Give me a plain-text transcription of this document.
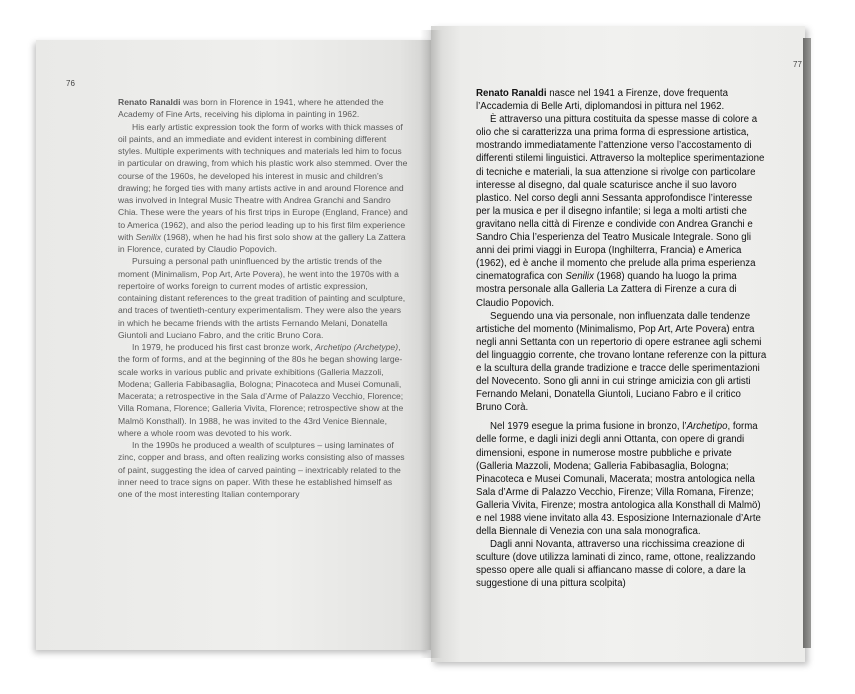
76
77

Renato Ranaldi was born in Florence in 1941, where he attended the Academy of Fine Arts, receiving his diploma in painting in 1962.

His early artistic expression took the form of works with thick masses of oil paints, and an immediate and evident interest in combining different styles. Multiple experiments with techniques and materials led him to focus in particular on drawing, from which his plastic work also stemmed. Over the course of the 1960s, he developed his interest in music and children’s drawing; he forged ties with many artists active in and around Florence and was involved in Integral Music Theatre with Andrea Granchi and Sandro Chia. These were the years of his first trips in Europe (England, France) and to America (1962), and also the period leading up to his first film experience with Senilix (1968), when he had his first solo show at the gallery La Zattera in Florence, curated by Claudio Popovich.

Pursuing a personal path uninfluenced by the artistic trends of the moment (Minimalism, Pop Art, Arte Povera), he went into the 1970s with a repertoire of works foreign to current modes of artistic expression, containing distant references to the great tradition of painting and sculpture, and traces of twentieth-century experimentalism. They were also the years in which he became friends with the artists Fernando Melani, Donatella Giuntoli and Luciano Fabro, and the critic Bruno Cora.

In 1979, he produced his first cast bronze work, Archetipo (Archetype), the form of forms, and at the beginning of the 80s he began showing large-scale works in various public and private exhibitions (Galleria Mazzoli, Modena; Galleria Fabibasaglia, Bologna; Pinacoteca and Musei Comunali, Macerata; a retrospective in the Sala d’Arme of Palazzo Vecchio, Florence; Villa Romana, Florence; Galleria Vivita, Florence; retrospective show at the Malmö Konsthall). In 1988, he was invited to the 43rd Venice Biennale, where a whole room was devoted to his work.

In the 1990s he produced a wealth of sculptures – using laminates of zinc, copper and brass, and often realizing works consisting also of masses of paint, suggesting the idea of carved painting – inextricably related to the inner need to trace signs on paper. With these he established himself as one of the most interesting Italian contemporary

Renato Ranaldi nasce nel 1941 a Firenze, dove frequenta l’Accademia di Belle Arti, diplomandosi in pittura nel 1962.

È attraverso una pittura costituita da spesse masse di colore a olio che si caratterizza una prima forma di espressione artistica, mostrando immediatamente l’attenzione verso l’accostamento di differenti stilemi linguistici. Attraverso la molteplice sperimentazione di tecniche e materiali, la sua attenzione si rivolge con particolare interesse al disegno, dal quale scaturisce anche il suo lavoro plastico. Nel corso degli anni Sessanta approfondisce l’interesse per la musica e per il disegno infantile; si lega a molti artisti che gravitano nella città di Firenze e condivide con Andrea Granchi e Sandro Chia l’esperienza del Teatro Musicale Integrale. Sono gli anni dei primi viaggi in Europa (Inghilterra, Francia) e America (1962), ed è anche il momento che prelude alla prima esperienza cinematografica con Senilix (1968) quando ha luogo la prima mostra personale alla Galleria La Zattera di Firenze a cura di Claudio Popovich.

Seguendo una via personale, non influenzata dalle tendenze artistiche del momento (Minimalismo, Pop Art, Arte Povera) entra negli anni Settanta con un repertorio di opere estranee agli schemi del linguaggio corrente, che trovano lontane referenze con la pittura e la scultura della grande tradizione e tracce delle sperimentazioni del Novecento. Sono gli anni in cui stringe amicizia con gli artisti Fernando Melani, Donatella Giuntoli, Luciano Fabro e il critico Bruno Corà.

Nel 1979 esegue la prima fusione in bronzo, l’Archetipo, forma delle forme, e dagli inizi degli anni Ottanta, con opere di grandi dimensioni, espone in numerose mostre pubbliche e private (Galleria Mazzoli, Modena; Galleria Fabibasaglia, Bologna; Pinacoteca e Musei Comunali, Macerata; mostra antologica nella Sala d’Arme di Palazzo Vecchio, Firenze; Villa Romana, Firenze; Galleria Vivita, Firenze; mostra antologica alla Konsthall di Malmö) e nel 1988 viene invitato alla 43. Esposizione Internazionale d’Arte della Biennale di Venezia con una sala monografica.

Dagli anni Novanta, attraverso una ricchissima creazione di sculture (dove utilizza laminati di zinco, rame, ottone, realizzando spesso opere alle quali si affiancano masse di colore, a dare la suggestione di una pittura scolpita)
